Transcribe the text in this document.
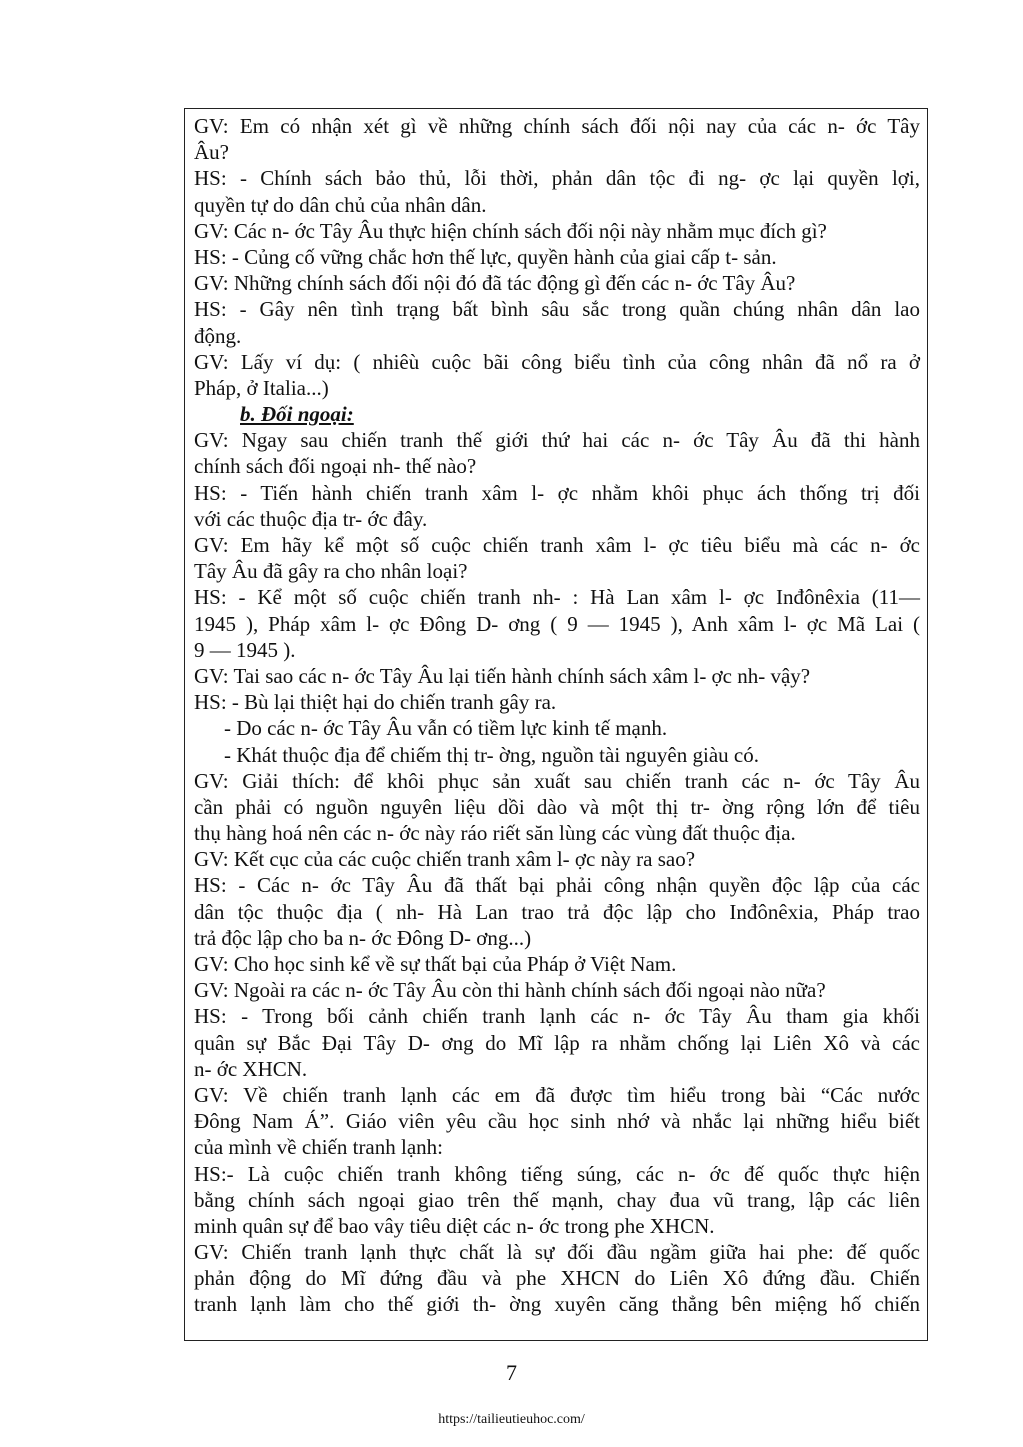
GV: Em có nhận xét gì về những chính sách đối nội nay của các n- ớc Tây
Âu?
HS: - Chính sách bảo thủ, lỗi thời, phản dân tộc đi ng- ợc lại quyền lợi,
quyền tự do dân chủ của nhân dân.
GV: Các n- ớc Tây Âu thực hiện chính sách đối nội này nhằm mục đích gì?
HS: - Củng cố vững chắc hơn thế lực, quyền hành của giai cấp t- sản.
GV: Những chính sách đối nội đó đã tác động gì đến các n- ớc Tây Âu?
HS: - Gây nên tình trạng bất bình sâu sắc trong quần chúng nhân dân lao
động.
GV: Lấy ví dụ: ( nhiêù cuộc bãi công biểu tình của công nhân đã nổ ra ở
Pháp, ở Italia...)
b. Đối ngoại:
GV: Ngay sau chiến tranh thế giới thứ hai các n- ớc Tây Âu đã thi hành
chính sách đối ngoại nh- thế nào?
HS: - Tiến hành chiến tranh xâm l- ợc nhằm khôi phục ách thống trị đối
với các thuộc địa tr- ớc đây.
GV: Em hãy kể một số cuộc chiến tranh xâm l- ợc tiêu biểu mà các n- ớc
Tây Âu đã gây ra cho nhân loại?
HS: - Kể một số cuộc chiến tranh nh- : Hà Lan xâm l- ợc Inđônêxia (11—
1945 ), Pháp xâm l- ợc Đông D- ơng ( 9 — 1945 ), Anh xâm l- ợc Mã Lai (
9 — 1945 ).
GV: Tai sao các n- ớc Tây Âu lại tiến hành chính sách xâm l- ợc nh- vậy?
HS: - Bù lại thiệt hại do chiến tranh gây ra.
- Do các n- ớc Tây Âu vẫn có tiềm lực kinh tế mạnh.
- Khát thuộc địa để chiếm thị tr- ờng, nguồn tài nguyên giàu có.
GV: Giải thích: để khôi phục sản xuất sau chiến tranh các n- ớc Tây Âu
cần phải có nguồn nguyên liệu dồi dào và một thị tr- ờng rộng lớn để tiêu
thụ hàng hoá nên các n- ớc này ráo riết săn lùng các vùng đất thuộc địa.
GV: Kết cục của các cuộc chiến tranh xâm l- ợc này ra sao?
HS: - Các n- ớc Tây Âu đã thất bại phải công nhận quyền độc lập của các
dân tộc thuộc địa ( nh- Hà Lan trao trả độc lập cho Inđônêxia, Pháp trao
trả độc lập cho ba n- ớc Đông D- ơng...)
GV: Cho học sinh kể về sự thất bại của Pháp ở Việt Nam.
GV: Ngoài ra các n- ớc Tây Âu còn thi hành chính sách đối ngoại nào nữa?
HS: - Trong bối cảnh chiến tranh lạnh các n- ớc Tây Âu tham gia khối
quân sự Bắc Đại Tây D- ơng do Mĩ lập ra nhằm chống lại Liên Xô và các
n- ớc XHCN.
GV: Về chiến tranh lạnh các em đã được tìm hiểu trong bài “Các nước
Đông Nam Á”. Giáo viên yêu cầu học sinh nhớ và nhắc lại những hiểu biết
của mình về chiến tranh lạnh:
HS:- Là cuộc chiến tranh không tiếng súng, các n- ớc đế quốc thực hiện
bằng chính sách ngoại giao trên thế mạnh, chay đua vũ trang, lập các liên
minh quân sự để bao vây tiêu diệt các n- ớc trong phe XHCN.
GV: Chiến tranh lạnh thực chất là sự đối đầu ngầm giữa hai phe: đế quốc
phản động do Mĩ đứng đầu và phe XHCN do Liên Xô đứng đầu. Chiến
tranh lạnh làm cho thế giới th- ờng xuyên căng thẳng bên miệng hố chiến
7
https://tailieutieuhoc.com/
